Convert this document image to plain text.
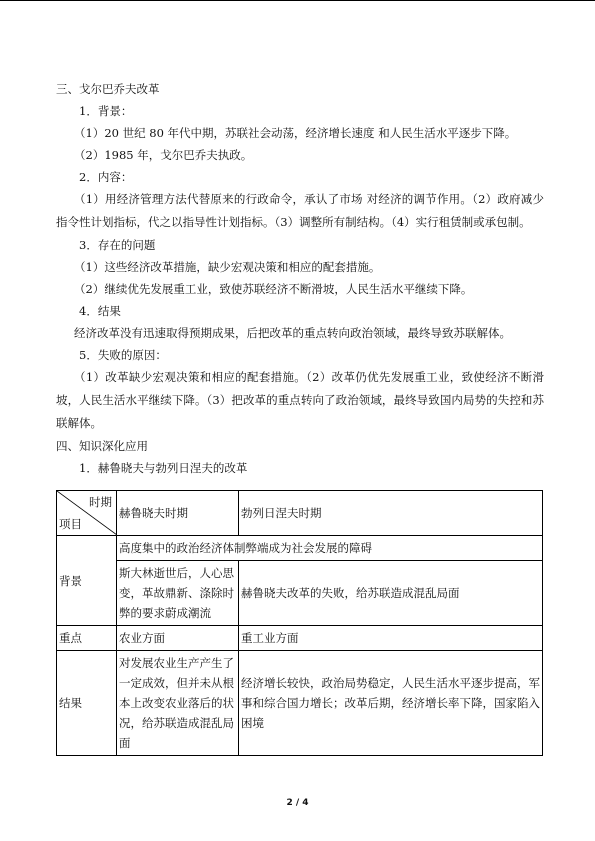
三、戈尔巴乔夫改革
1．背景：
（1）20 世纪 80 年代中期，苏联社会动荡，经济增长速度 和人民生活水平逐步下降。
（2）1985 年，戈尔巴乔夫执政。
2．内容：
（1）用经济管理方法代替原来的行政命令，承认了市场 对经济的调节作用。（2）政府减少指令性计划指标，代之以指导性计划指标。（3）调整所有制结构。（4）实行租赁制或承包制。
3．存在的问题
（1）这些经济改革措施，缺少宏观决策和相应的配套措施。
（2）继续优先发展重工业，致使苏联经济不断滑坡，人民生活水平继续下降。
4．结果
经济改革没有迅速取得预期成果，后把改革的重点转向政治领域，最终导致苏联解体。
5．失败的原因：
（1）改革缺少宏观决策和相应的配套措施。（2）改革仍优先发展重工业，致使经济不断滑坡，人民生活水平继续下降。（3）把改革的重点转向了政治领域，最终导致国内局势的失控和苏联解体。
四、知识深化应用
1．赫鲁晓夫与勃列日涅夫的改革
时期
项目	赫鲁晓夫时期	勃列日涅夫时期
背景	高度集中的政治经济体制弊端成为社会发展的障碍	
	斯大林逝世后，人心思变，革故鼎新、涤除时弊的要求蔚成潮流	赫鲁晓夫改革的失败，给苏联造成混乱局面
重点	农业方面	重工业方面
结果	对发展农业生产产生了一定成效，但并未从根本上改变农业落后的状况，给苏联造成混乱局面	经济增长较快，政治局势稳定，人民生活水平逐步提高，军事和综合国力增长；改革后期，经济增长率下降，国家陷入困境
2 / 4
